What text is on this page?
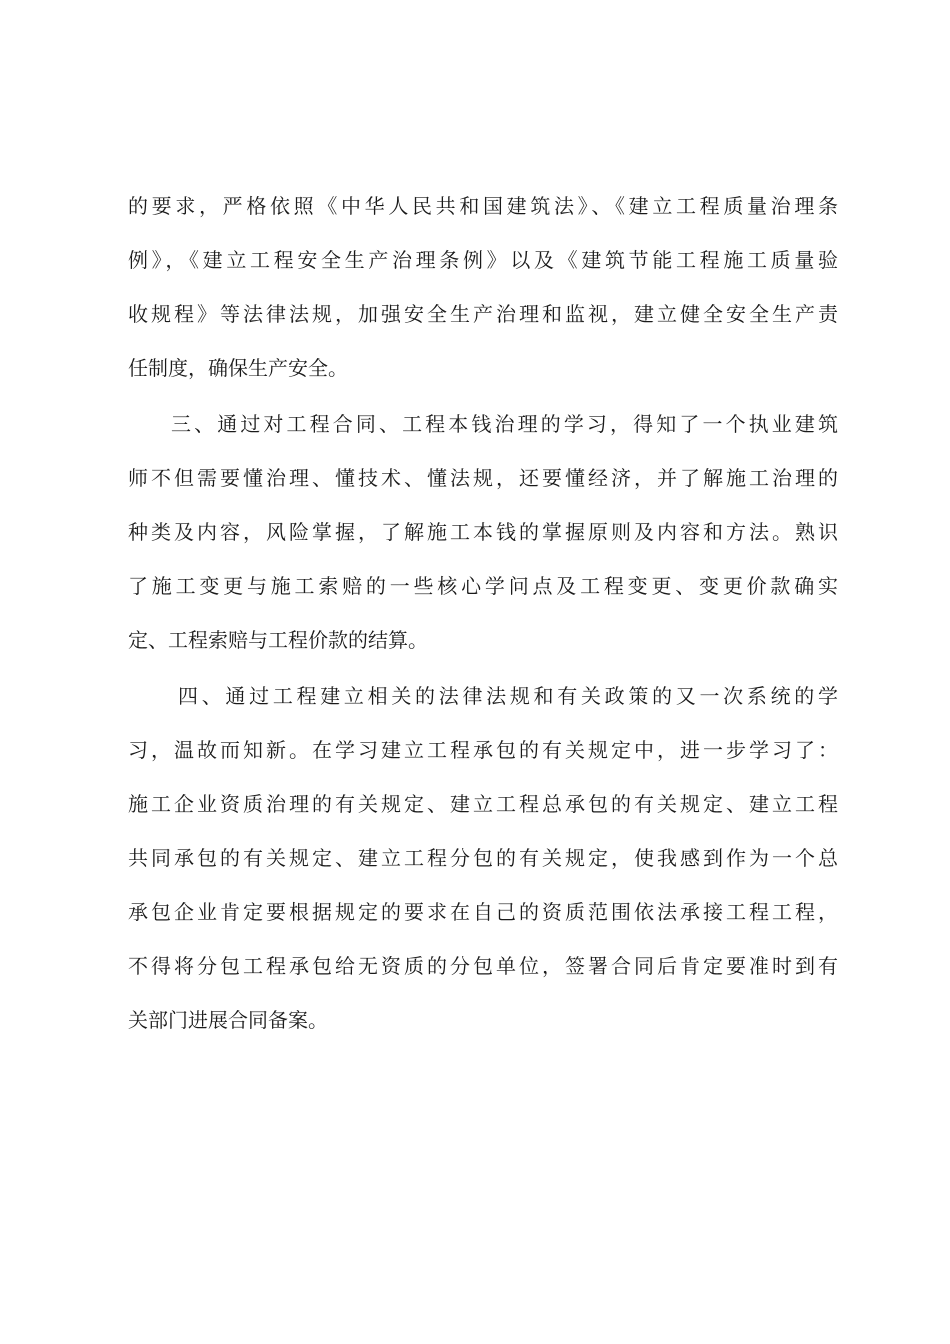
的要求，严格依照《中华人民共和国建筑法》、《建立工程质量治理条
例》，《建立工程安全生产治理条例》以及《建筑节能工程施工质量验
收规程》等法律法规，加强安全生产治理和监视，建立健全安全生产责
任制度，确保生产安全。
三、通过对工程合同、工程本钱治理的学习，得知了一个执业建筑
师不但需要懂治理、懂技术、懂法规，还要懂经济，并了解施工治理的
种类及内容，风险掌握，了解施工本钱的掌握原则及内容和方法。熟识
了施工变更与施工索赔的一些核心学问点及工程变更、变更价款确实
定、工程索赔与工程价款的结算。
四、通过工程建立相关的法律法规和有关政策的又一次系统的学
习，温故而知新。在学习建立工程承包的有关规定中，进一步学习了：
施工企业资质治理的有关规定、建立工程总承包的有关规定、建立工程
共同承包的有关规定、建立工程分包的有关规定，使我感到作为一个总
承包企业肯定要根据规定的要求在自己的资质范围依法承接工程工程，
不得将分包工程承包给无资质的分包单位，签署合同后肯定要准时到有
关部门进展合同备案。
